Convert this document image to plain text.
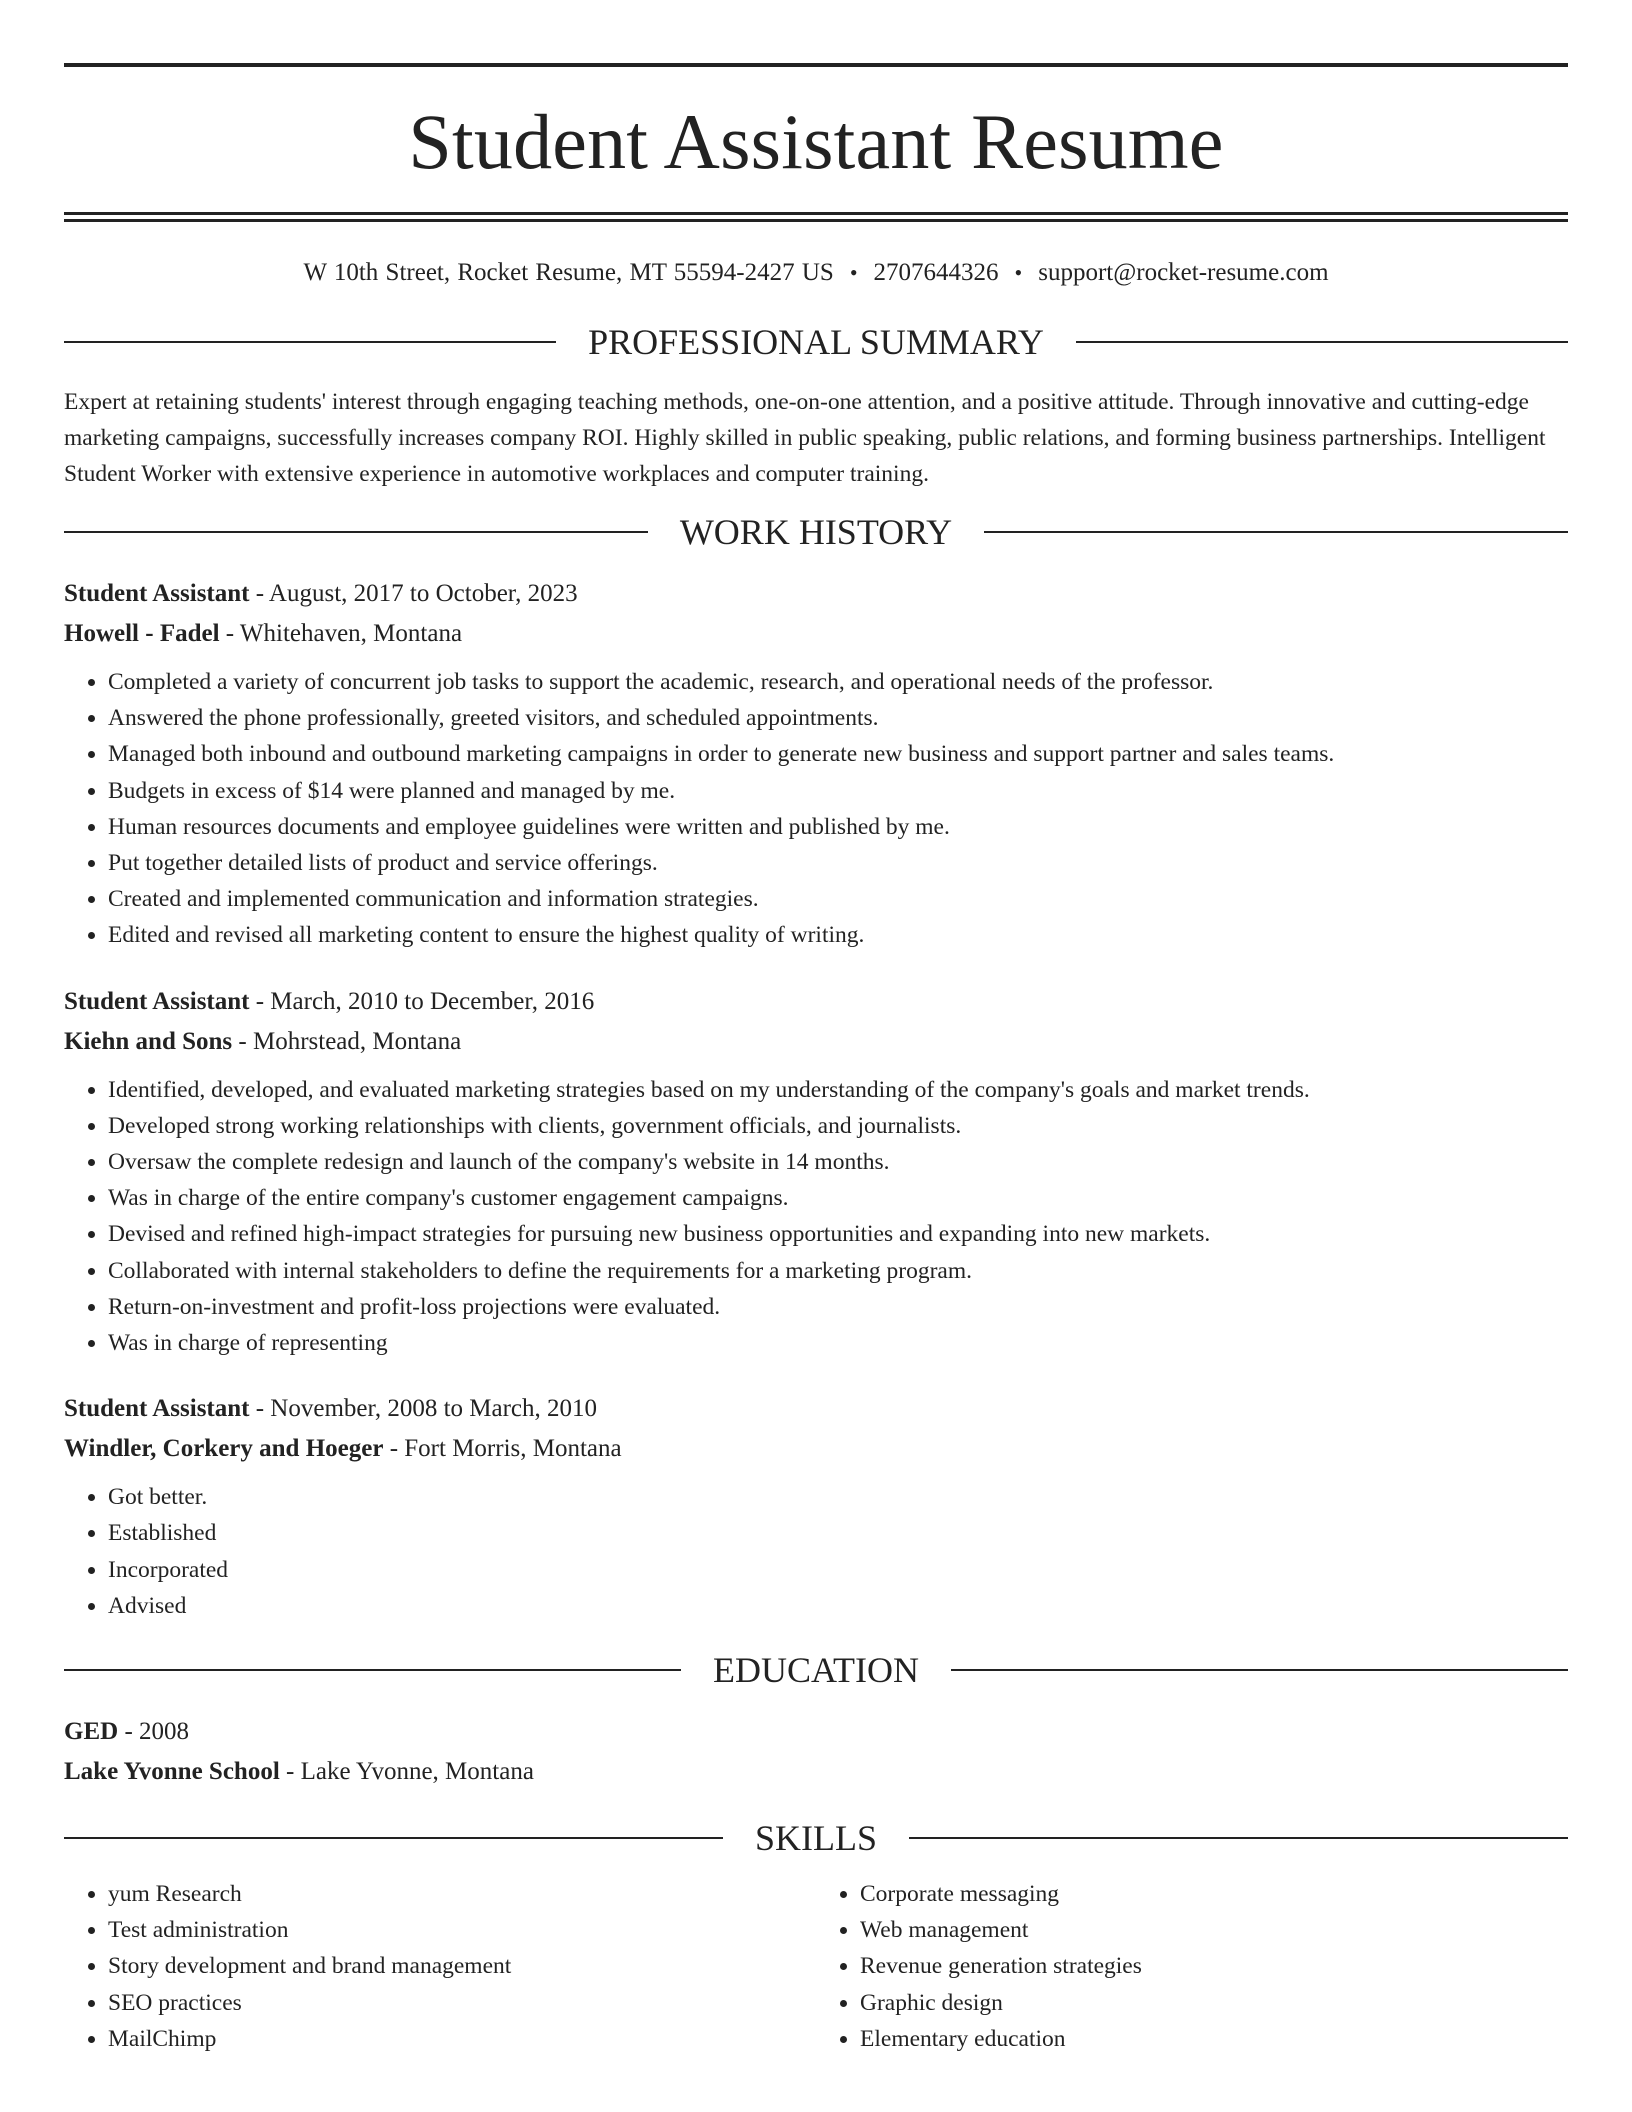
Student Assistant Resume
W 10th Street, Rocket Resume, MT 55594-2427 US • 2707644326 • support@rocket-resume.com
PROFESSIONAL SUMMARY

Expert at retaining students' interest through engaging teaching methods, one-on-one attention, and a positive attitude. Through innovative and cutting-edge marketing campaigns, successfully increases company ROI. Highly skilled in public speaking, public relations, and forming business partnerships. Intelligent Student Worker with extensive experience in automotive workplaces and computer training.

WORK HISTORY
Student Assistant - August, 2017 to October, 2023
Howell - Fadel - Whitehaven, Montana
• Completed a variety of concurrent job tasks to support the academic, research, and operational needs of the professor.
• Answered the phone professionally, greeted visitors, and scheduled appointments.
• Managed both inbound and outbound marketing campaigns in order to generate new business and support partner and sales teams.
• Budgets in excess of $14 were planned and managed by me.
• Human resources documents and employee guidelines were written and published by me.
• Put together detailed lists of product and service offerings.
• Created and implemented communication and information strategies.
• Edited and revised all marketing content to ensure the highest quality of writing.
Student Assistant - March, 2010 to December, 2016
Kiehn and Sons - Mohrstead, Montana
• Identified, developed, and evaluated marketing strategies based on my understanding of the company's goals and market trends.
• Developed strong working relationships with clients, government officials, and journalists.
• Oversaw the complete redesign and launch of the company's website in 14 months.
• Was in charge of the entire company's customer engagement campaigns.
• Devised and refined high-impact strategies for pursuing new business opportunities and expanding into new markets.
• Collaborated with internal stakeholders to define the requirements for a marketing program.
• Return-on-investment and profit-loss projections were evaluated.
• Was in charge of representing
Student Assistant - November, 2008 to March, 2010
Windler, Corkery and Hoeger - Fort Morris, Montana
• Got better.
• Established
• Incorporated
• Advised
EDUCATION
GED - 2008
Lake Yvonne School - Lake Yvonne, Montana
SKILLS
• yum Research
• Test administration
• Story development and brand management
• SEO practices
• MailChimp
• Corporate messaging
• Web management
• Revenue generation strategies
• Graphic design
• Elementary education
